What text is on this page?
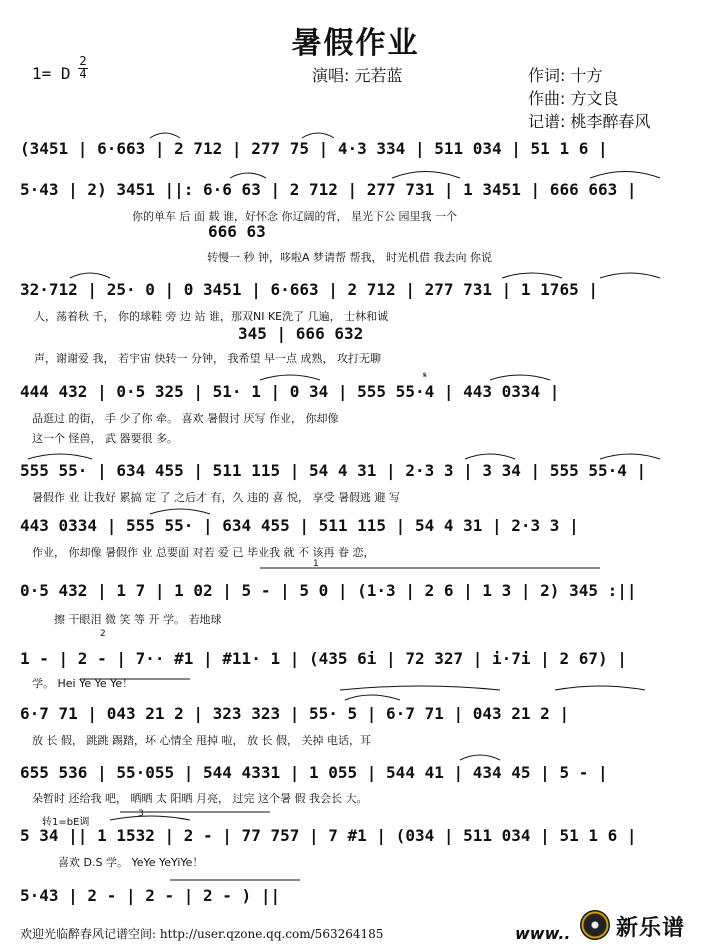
暑假作业
1= D
2
4	演唱: 元若蓝	作词: 十方
作曲: 方文良
记谱: 桃李醉春风
(3451 | 6·663 | 2 712 | 277 75 | 4·3 334 | 511 034 | 51 1 6 |
5·43 | 2) 3451 ||: 6·6 63 | 2 712 | 277 731 | 1 3451 | 666 663 |
你的单车 后 面 载 谁，好怀念 你辽阔的背， 星光下公 园里我 一个
666 63
转慢一 秒 钟，哆啦A 梦请帮 帮我， 时光机借 我去向 你说
32·712 | 25· 0 | 0 3451 | 6·663 | 2 712 | 277 731 | 1 1765 |
人，荡着秋 千， 你的球鞋 旁 边 站 谁，那双NI KE洗了 几遍， 士林和诚
345 | 666 632
声，谢谢爱 我， 若宇宙 快转一 分钟， 我希望 早一点 成熟， 攻打无聊
444 432 | 0·5 325 | 51· 1 | 0 34 | 555 55·4 | 443 0334 |
品逛过 的街， 手 少了你 牵。 喜欢 暑假讨 厌写 作业， 你却像
这一个 怪兽， 武 器要很 多。
555 55· | 634 455 | 511 115 | 54 4 31 | 2·3 3 | 3 34 | 555 55·4 |
暑假作 业 让我好 累搞 定 了 之后才 有，久 违的 喜 悦， 享受 暑假逃 避 写
443 0334 | 555 55· | 634 455 | 511 115 | 54 4 31 | 2·3 3 |
作业， 你却像 暑假作 业 总要面 对若 爱 已 毕业我 就 不 该再 眷 恋，
0·5 432 | 1 7 | 1 02 | 5 - | 5 0 | (1·3 | 2 6 | 1 3 | 2) 345 :||
擦 干眼泪 微 笑 等 开 学。 若地球
1 - | 2 - | 7·· #1 | #11· 1 | (435 6i | 72 327 | i·7i | 2 67) |
学。 Hei Ye Ye Ye！
6·7 71 | 043 21 2 | 323 323 | 55· 5 | 6·7 71 | 043 21 2 |
放 长 假， 跳跳 踢踏，坏 心情全 甩掉 啦， 放 长 假， 关掉 电话，耳
655 536 | 55·055 | 544 4331 | 1 055 | 544 41 | 434 45 | 5 - |
朵暂时 还给我 吧， 晒晒 太 阳晒 月亮， 过完 这个暑 假 我会长 大。
转1=bE调
5 34 || 1 1532 | 2 - | 77 757 | 7 #1 | (034 | 511 034 | 51 1 6 |
喜欢 D.S 学。 YeYe YeYiYe！
5·43 | 2 - | 2 - | 2 - ) ||
1
2
3
𝄋
欢迎光临醉春风记谱空间: http://user.qzone.qq.com/563264185	www.. 新乐谱
